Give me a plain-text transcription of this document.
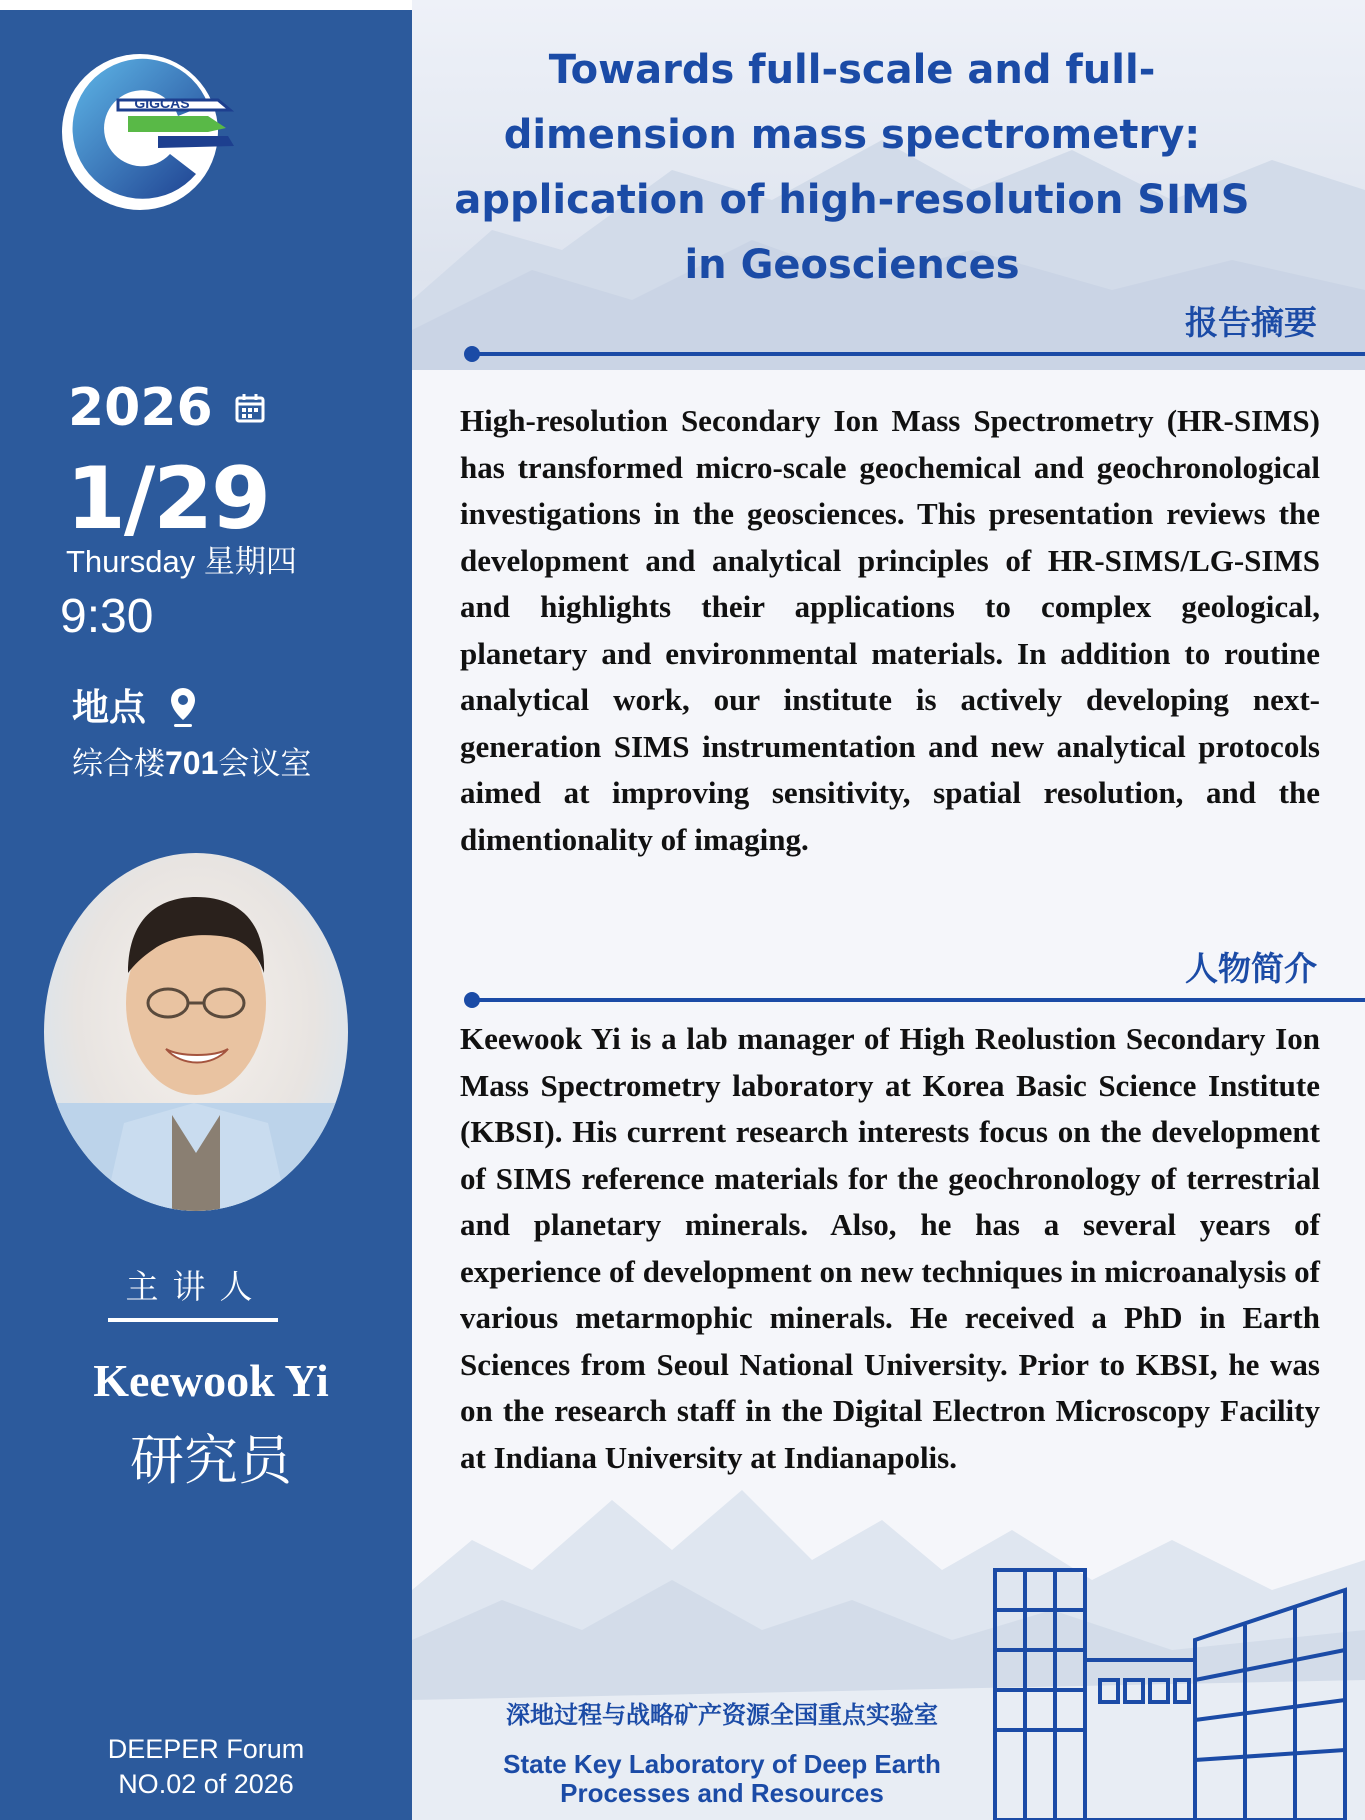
GIGCAS
2026
1/29
Thursday 星期四
9:30
地点
综合楼701会议室
主讲人
Keewook Yi
研究员
DEEPER Forum
NO.02 of 2026
Towards full-scale and full-
dimension mass spectrometry:
application of high-resolution SIMS
in Geosciences
报告摘要
High-resolution Secondary Ion Mass Spectrometry (HR-SIMS) has transformed micro-scale geochemical and geochronological investigations in the geosciences. This presentation reviews the development and analytical principles of HR-SIMS/LG-SIMS and highlights their applications to complex geological, planetary and environmental materials. In addition to routine analytical work, our institute is actively developing next-generation SIMS instrumentation and new analytical protocols aimed at improving sensitivity, spatial resolution, and the dimentionality of imaging.
人物简介
Keewook Yi is a lab manager of High Reolustion Secondary Ion Mass Spectrometry laboratory at Korea Basic Science Institute (KBSI). His current research interests focus on the development of SIMS reference materials for the geochronology of terrestrial and planetary minerals. Also, he has a several years of experience of development on new techniques in microanalysis of various metarmophic minerals. He received a PhD in Earth Sciences from Seoul National University. Prior to KBSI, he was on the research staff in the Digital Electron Microscopy Facility at Indiana University at Indianapolis.
深地过程与战略矿产资源全国重点实验室
State Key Laboratory of Deep Earth
Processes and Resources
